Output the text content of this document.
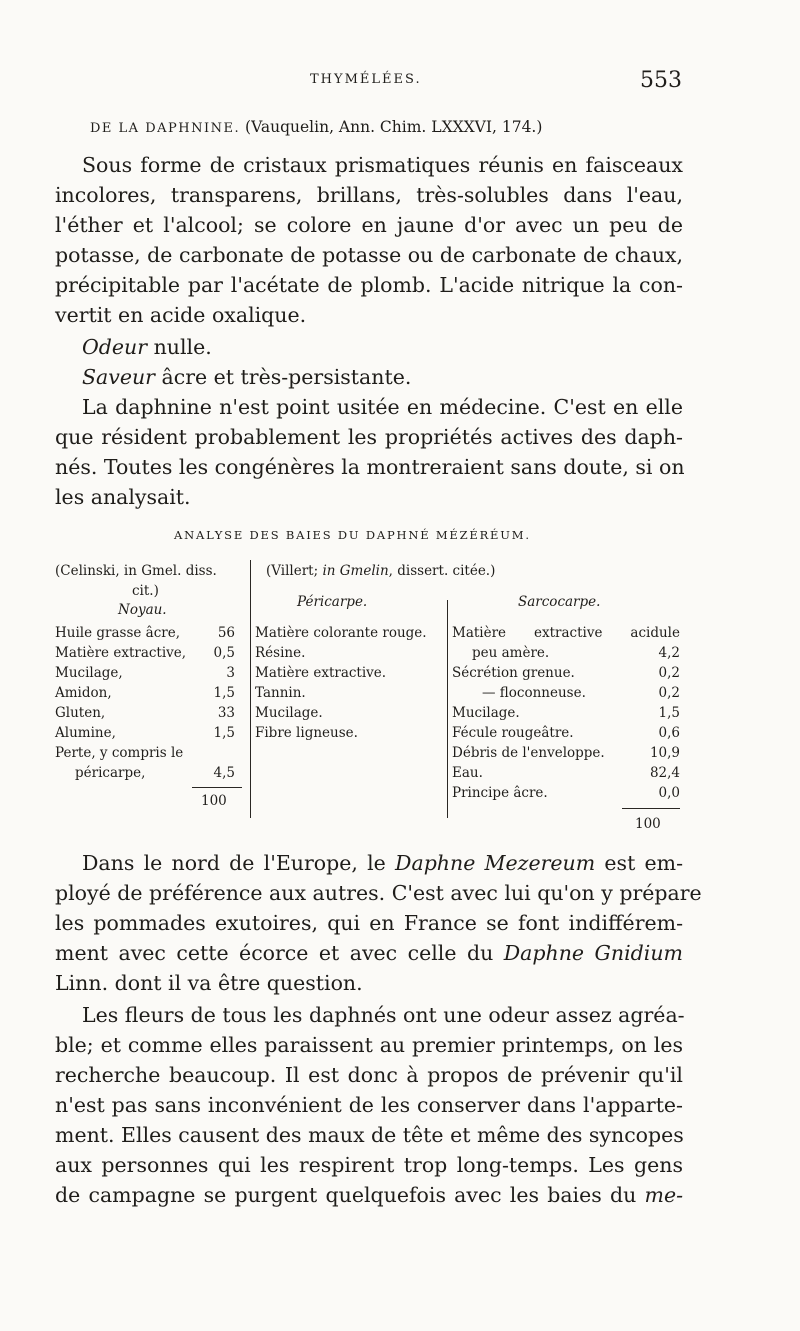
THYMÉLÉES.	553
DE LA DAPHNINE. (Vauquelin, Ann. Chim. LXXXVI, 174.)
Sous forme de cristaux prismatiques réunis en faisceaux
incolores, transparens, brillans, très-solubles dans l'eau,
l'éther et l'alcool; se colore en jaune d'or avec un peu de
potasse, de carbonate de potasse ou de carbonate de chaux,
précipitable par l'acétate de plomb. L'acide nitrique la con-
vertit en acide oxalique.
Odeur nulle.
Saveur âcre et très-persistante.
La daphnine n'est point usitée en médecine. C'est en elle
que résident probablement les propriétés actives des daph-
nés. Toutes les congénères la montreraient sans doute, si on
les analysait.
ANALYSE DES BAIES DU DAPHNÉ MÉZÉRÉUM.
(Celinski, in Gmel. diss.
cit.)
Noyau.
Huile grasse âcre,	56
Matière extractive,	0,5
Mucilage,	3
Amidon,	1,5
Gluten,	33
Alumine,	1,5
Perte, y compris le
péricarpe,	4,5
100
(Villert; in Gmelin, dissert. citée.)
Péricarpe.
Matière colorante rouge.
Résine.
Matière extractive.
Tannin.
Mucilage.
Fibre ligneuse.
Sarcocarpe.
Matière extractive acidule
peu amère.	4,2
Sécrétion grenue.	0,2
— floconneuse.	0,2
Mucilage.	1,5
Fécule rougeâtre.	0,6
Débris de l'enveloppe.	10,9
Eau.	82,4
Principe âcre.	0,0
100
Dans le nord de l'Europe, le Daphne Mezereum est em-
ployé de préférence aux autres. C'est avec lui qu'on y prépare
les pommades exutoires, qui en France se font indifférem-
ment avec cette écorce et avec celle du Daphne Gnidium
Linn. dont il va être question.
Les fleurs de tous les daphnés ont une odeur assez agréa-
ble; et comme elles paraissent au premier printemps, on les
recherche beaucoup. Il est donc à propos de prévenir qu'il
n'est pas sans inconvénient de les conserver dans l'apparte-
ment. Elles causent des maux de tête et même des syncopes
aux personnes qui les respirent trop long-temps. Les gens
de campagne se purgent quelquefois avec les baies du me-
